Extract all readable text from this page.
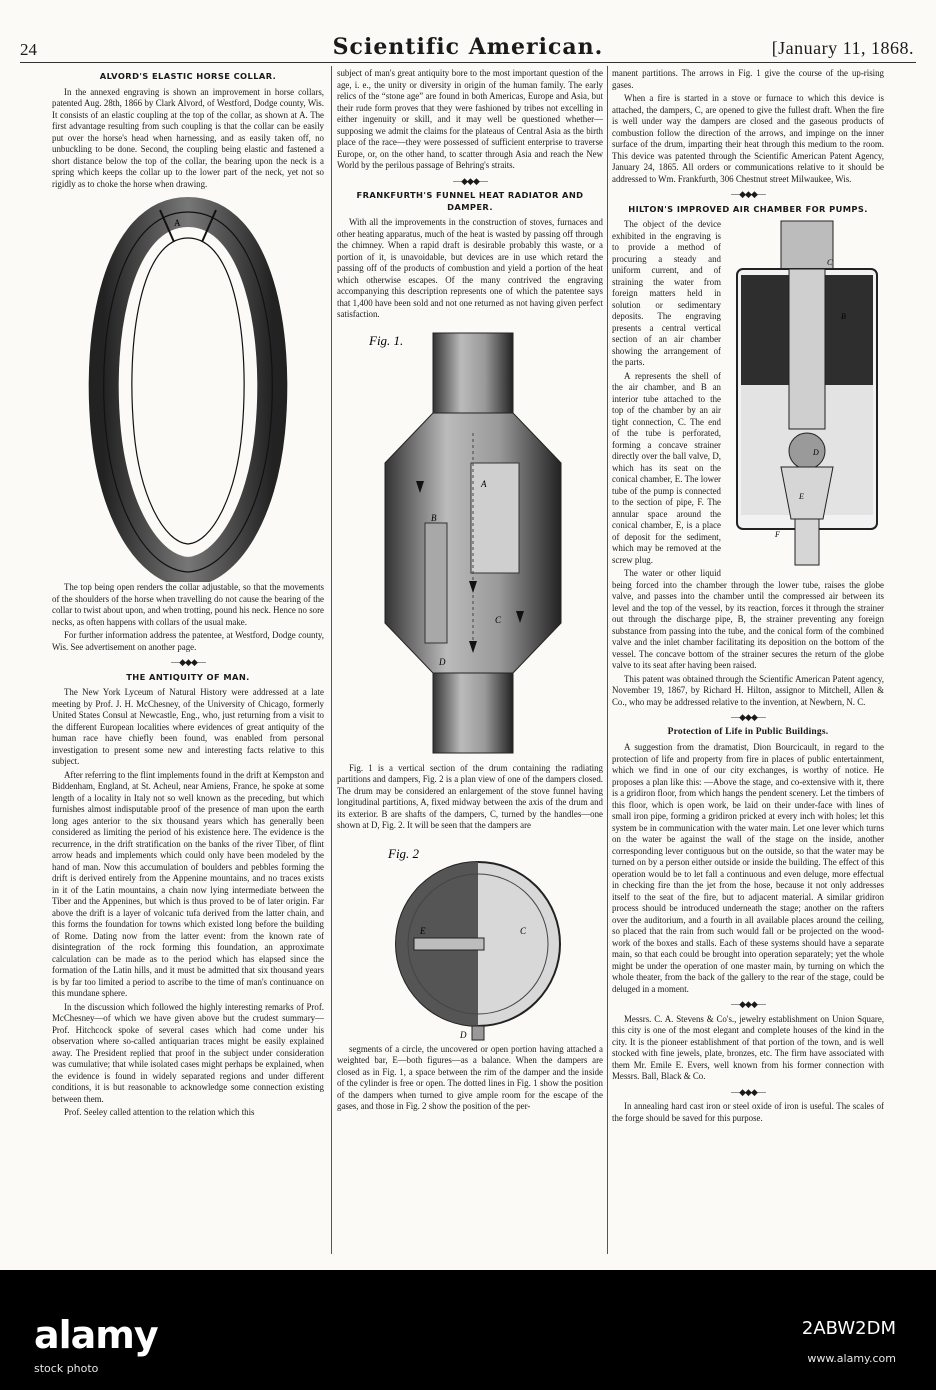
24	Scientific American.	[January 11, 1868.
ALVORD'S ELASTIC HORSE COLLAR.

In the annexed engraving is shown an improvement in horse collars, patented Aug. 28th, 1866 by Clark Alvord, of Westford, Dodge county, Wis. It consists of an elastic coupling at the top of the collar, as shown at A. The first advantage resulting from such coupling is that the collar can be easily put over the horse's head when harnessing, and as easily taken off, no unbuckling to be done. Second, the coupling being elastic and fastened a short distance below the top of the collar, the bearing upon the neck is a spring which keeps the collar up to the lower part of the neck, yet not so rigidly as to choke the horse when drawing.

A

The top being open renders the collar adjustable, so that the movements of the shoulders of the horse when travelling do not cause the bearing of the collar to twist about upon, and when trotting, pound his neck. Hence no sore necks, as often happens with collars of the usual make.

For further information address the patentee, at Westford, Dodge county, Wis. See advertisement on another page.

—◆◆◆—
THE ANTIQUITY OF MAN.

The New York Lyceum of Natural History were addressed at a late meeting by Prof. J. H. McChesney, of the University of Chicago, formerly United States Consul at Newcastle, Eng., who, just returning from a visit to the different European localities where evidences of great antiquity of the human race have chiefly been found, was enabled from personal investigation to present some new and interesting facts relative to this subject.

After referring to the flint implements found in the drift at Kempston and Biddenham, England, at St. Acheul, near Amiens, France, he spoke at some length of a locality in Italy not so well known as the preceding, but which furnishes almost indisputable proof of the presence of man upon the earth long ages anterior to the six thousand years which has generally been considered as limiting the period of his existence here. The evidence is the recurrence, in the drift stratification on the banks of the river Tiber, of flint arrow heads and implements which could only have been modeled by the hand of man. Now this accumulation of boulders and pebbles forming the drift is derived entirely from the Appenine mountains, and no traces exists in it of the Latin mountains, a chain now lying intermediate between the Tiber and the Appenines, but which is thus proved to be of later origin. Far above the drift is a layer of volcanic tufa derived from the latter chain, and this forms the foundation for towns which existed long before the building of Rome. Dating now from the latter event: from the known rate of disintegration of the rock forming this foundation, an approximate calculation can be made as to the period which has elapsed since the formation of the Latin hills, and it must be admitted that six thousand years is by far too limited a period to ascribe to the time of man's continuance on this mundane sphere.

In the discussion which followed the highly interesting remarks of Prof. McChesney—of which we have given above but the crudest summary—Prof. Hitchcock spoke of several cases which had come under his observation where so-called antiquarian traces might be easily explained away. The President replied that proof in the subject under consideration was cumulative; that while isolated cases might perhaps be explained, when the evidence is found in widely separated regions and under different conditions, it is but reasonable to acknowledge some connection existing between them.

Prof. Seeley called attention to the relation which this

subject of man's great antiquity bore to the most important question of the age, i. e., the unity or diversity in origin of the human family. The early relics of the “stone age” are found in both Americas, Europe and Asia, but their rude form proves that they were fashioned by tribes not excelling in either ingenuity or skill, and it may well be questioned whether—supposing we admit the claims for the plateaus of Central Asia as the birth place of the race—they were possessed of sufficient enterprise to traverse Europe, or, on the other hand, to scatter through Asia and reach the New World by the perilous passage of Behring's straits.

—◆◆◆—
FRANKFURTH'S FUNNEL HEAT RADIATOR AND DAMPER.

With all the improvements in the construction of stoves, furnaces and other heating apparatus, much of the heat is wasted by passing off through the chimney. When a rapid draft is desirable probably this waste, or a portion of it, is unavoidable, but devices are in use which retard the passing off of the products of combustion and yield a portion of the heat which otherwise escapes. Of the many contrived the engraving accompanying this description represents one of which the patentee says that 1,400 have been sold and not one returned as not having given perfect satisfaction.

Fig. 1.
A
B
C
D

Fig. 1 is a vertical section of the drum containing the radiating partitions and dampers, Fig. 2 is a plan view of one of the dampers closed. The drum may be considered an enlargement of the stove funnel having longitudinal partitions, A, fixed midway between the axis of the drum and its exterior. B are shafts of the dampers, C, turned by the handles—one shown at D, Fig. 2. It will be seen that the dampers are

Fig. 2
C
E
D

segments of a circle, the uncovered or open portion having attached a weighted bar, E—both figures—as a balance. When the dampers are closed as in Fig. 1, a space between the rim of the damper and the inside of the cylinder is free or open. The dotted lines in Fig. 1 show the position of the dampers when turned to give ample room for the escape of the gases, and those in Fig. 2 show the position of the per-

manent partitions. The arrows in Fig. 1 give the course of the up-rising gases.

When a fire is started in a stove or furnace to which this device is attached, the dampers, C, are opened to give the fullest draft. When the fire is well under way the dampers are closed and the gaseous products of combustion follow the direction of the arrows, and impinge on the inner surface of the drum, imparting their heat through this medium to the room. This device was patented through the Scientific American Patent Agency, January 24, 1865. All orders or communications relative to it should be addressed to Wm. Frankfurth, 306 Chestnut street Milwaukee, Wis.

—◆◆◆—
HILTON'S IMPROVED AIR CHAMBER FOR PUMPS.
C
B
D
E
F

The object of the device exhibited in the engraving is to provide a method of procuring a steady and uniform current, and of straining the water from foreign matters held in solution or sedimentary deposits. The engraving presents a central vertical section of an air chamber showing the arrangement of the parts.

A represents the shell of the air chamber, and B an interior tube attached to the top of the chamber by an air tight connection, C. The end of the tube is perforated, forming a concave strainer directly over the ball valve, D, which has its seat on the conical chamber, E. The lower tube of the pump is connected to the section of pipe, F. The annular space around the conical chamber, E, is a place of deposit for the sediment, which may be removed at the screw plug.

The water or other liquid being forced into the chamber through the lower tube, raises the globe valve, and passes into the chamber until the compressed air between its level and the top of the vessel, by its reaction, forces it through the strainer out through the discharge pipe, B, the strainer preventing any foreign substance from passing into the tube, and the conical form of the combined valve and the inlet chamber facilitating its deposition on the bottom of the vessel. The concave bottom of the strainer secures the return of the globe valve to its seat after having been raised.

This patent was obtained through the Scientific American Patent agency, November 19, 1867, by Richard H. Hilton, assignor to Mitchell, Allen & Co., who may be addressed relative to the invention, at Newbern, N. C.

—◆◆◆—
Protection of Life in Public Buildings.

A suggestion from the dramatist, Dion Bourcicault, in regard to the protection of life and property from fire in places of public entertainment, which we find in one of our city exchanges, is worthy of notice. He proposes a plan like this: —Above the stage, and co-extensive with it, there is a gridiron floor, from which hangs the pendent scenery. Let the timbers of this floor, which is open work, be laid on their under-face with lines of small iron pipe, forming a gridiron pricked at every inch with holes; let this system be in communication with the water main. Let one lever which turns on the water be against the wall of the stage on the inside, another corresponding lever contiguous but on the outside, so that the water may be turned on by a person either outside or inside the building. The effect of this operation would be to let fall a continuous and even deluge, more effectual in checking fire than the jet from the hose, because it not only addresses itself to the seat of the fire, but to adjacent material. A similar gridiron process should be introduced underneath the stage; another on the rafters over the auditorium, and a fourth in all available places around the ceiling, so placed that the rain from such would fall or be projected on the wood-work of the boxes and stalls. Each of these systems should have a separate main, so that each could be brought into operation separately; yet the whole might be under the operation of one master main, by turning on which the whole theater, from the back of the gallery to the rear of the stage, could be deluged in a moment.

—◆◆◆—

Messrs. C. A. Stevens & Co's., jewelry establishment on Union Square, this city is one of the most elegant and complete houses of the kind in the city. It is the pioneer establishment of that portion of the town, and is well stocked with fine jewels, plate, bronzes, etc. The firm have associated with them Mr. Emile E. Evers, well known from his former connection with Messrs. Ball, Black & Co.

—◆◆◆—

In annealing hard cast iron or steel oxide of iron is useful. The scales of the forge should be saved for this purpose.

alamy
stock photo
2ABW2DM
www.alamy.com
